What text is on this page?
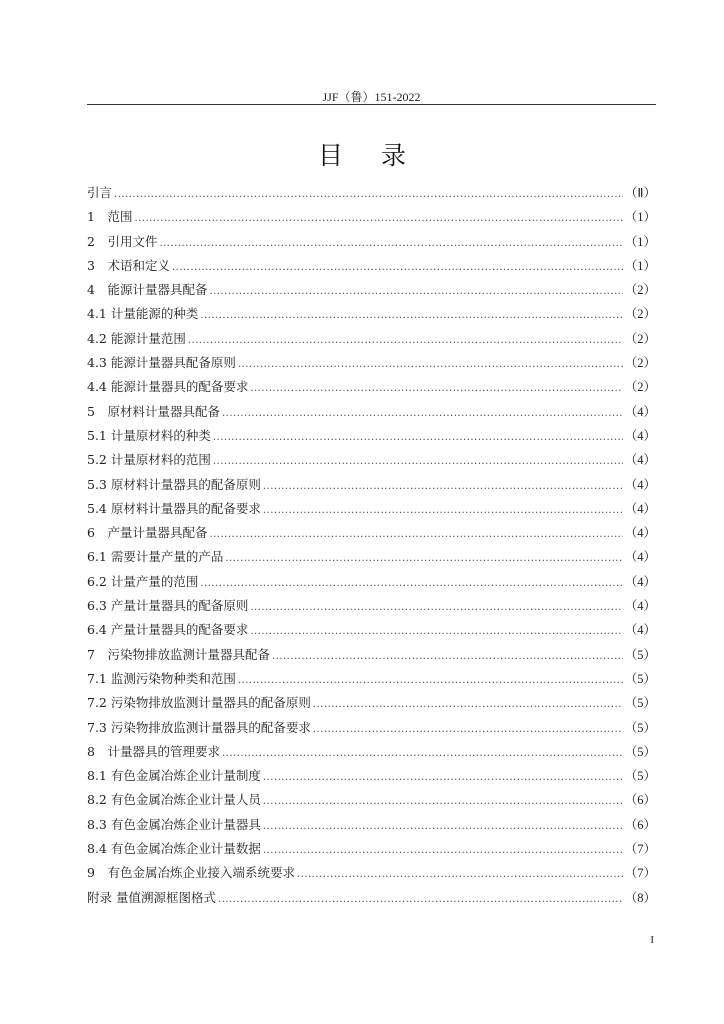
JJF（鲁）151-2022
目录
引言 .....	（Ⅱ）
1　范围 .....	（1）
2　引用文件 .....	（1）
3　术语和定义 .....	（1）
4　能源计量器具配备 .....	（2）
4.1 计量能源的种类 .....	（2）
4.2 能源计量范围 .....	（2）
4.3 能源计量器具配备原则 .....	（2）
4.4 能源计量器具的配备要求 .....	（2）
5　原材料计量器具配备 .....	（4）
5.1 计量原材料的种类 .....	（4）
5.2 计量原材料的范围 .....	（4）
5.3 原材料计量器具的配备原则 .....	（4）
5.4 原材料计量器具的配备要求 .....	（4）
6　产量计量器具配备 .....	（4）
6.1 需要计量产量的产品 .....	（4）
6.2 计量产量的范围 .....	（4）
6.3 产量计量器具的配备原则 .....	（4）
6.4 产量计量器具的配备要求 .....	（4）
7　污染物排放监测计量器具配备 .....	（5）
7.1 监测污染物种类和范围 .....	（5）
7.2 污染物排放监测计量器具的配备原则 .....	（5）
7.3 污染物排放监测计量器具的配备要求 .....	（5）
8　计量器具的管理要求 .....	（5）
8.1 有色金属冶炼企业计量制度 .....	（5）
8.2 有色金属冶炼企业计量人员 .....	（6）
8.3 有色金属冶炼企业计量器具 .....	（6）
8.4 有色金属冶炼企业计量数据 .....	（7）
9　有色金属冶炼企业接入端系统要求 .....	（7）
附录 量值溯源框图格式 .....	（8）
I
